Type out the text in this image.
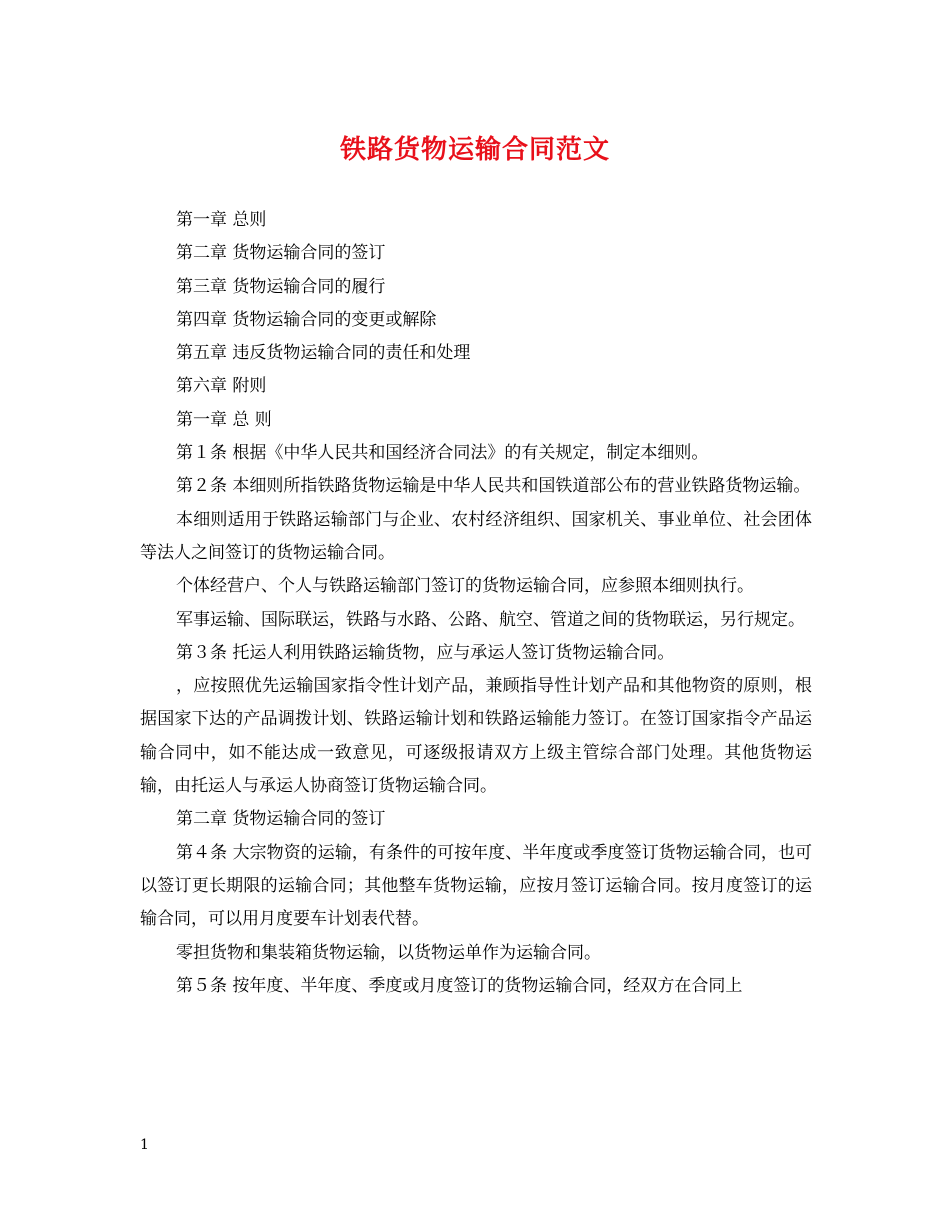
铁路货物运输合同范文

第一章 总则

第二章 货物运输合同的签订

第三章 货物运输合同的履行

第四章 货物运输合同的变更或解除

第五章 违反货物运输合同的责任和处理

第六章 附则

第一章 总 则

第１条 根据《中华人民共和国经济合同法》的有关规定，制定本细则。

第２条 本细则所指铁路货物运输是中华人民共和国铁道部公布的营业铁路货物运输。

本细则适用于铁路运输部门与企业、农村经济组织、国家机关、事业单位、社会团体等法人之间签订的货物运输合同。

个体经营户、个人与铁路运输部门签订的货物运输合同，应参照本细则执行。

军事运输、国际联运，铁路与水路、公路、航空、管道之间的货物联运，另行规定。

第３条 托运人利用铁路运输货物，应与承运人签订货物运输合同。

，应按照优先运输国家指令性计划产品，兼顾指导性计划产品和其他物资的原则，根据国家下达的产品调拨计划、铁路运输计划和铁路运输能力签订。在签订国家指令产品运输合同中，如不能达成一致意见，可逐级报请双方上级主管综合部门处理。其他货物运输，由托运人与承运人协商签订货物运输合同。

第二章 货物运输合同的签订

第４条 大宗物资的运输，有条件的可按年度、半年度或季度签订货物运输合同，也可以签订更长期限的运输合同；其他整车货物运输，应按月签订运输合同。按月度签订的运输合同，可以用月度要车计划表代替。

零担货物和集装箱货物运输，以货物运单作为运输合同。

第５条 按年度、半年度、季度或月度签订的货物运输合同，经双方在合同上

1
